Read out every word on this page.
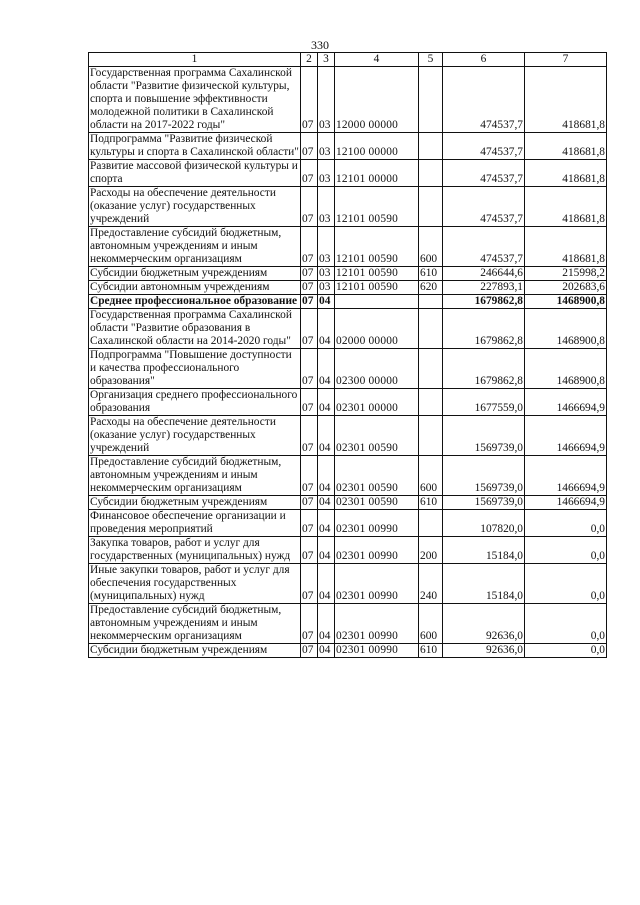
330
1	2	3	4	5	6	7
Государственная программа Сахалинской области "Развитие физической культуры, спорта и повышение эффективности молодежной политики в Сахалинской области на 2017-2022 годы"	07	03	12000 00000		474537,7	418681,8
Подпрограмма "Развитие физической культуры и спорта в Сахалинской области"	07	03	12100 00000		474537,7	418681,8
Развитие массовой физической культуры и спорта	07	03	12101 00000		474537,7	418681,8
Расходы на обеспечение деятельности (оказание услуг) государственных учреждений	07	03	12101 00590		474537,7	418681,8
Предоставление субсидий бюджетным, автономным учреждениям и иным некоммерческим организациям	07	03	12101 00590	600	474537,7	418681,8
Субсидии бюджетным учреждениям	07	03	12101 00590	610	246644,6	215998,2
Субсидии автономным учреждениям	07	03	12101 00590	620	227893,1	202683,6
Среднее профессиональное образование	07	04			1679862,8	1468900,8
Государственная программа Сахалинской области "Развитие образования в Сахалинской области на 2014-2020 годы"	07	04	02000 00000		1679862,8	1468900,8
Подпрограмма "Повышение доступности и качества профессионального образования"	07	04	02300 00000		1679862,8	1468900,8
Организация среднего профессионального образования	07	04	02301 00000		1677559,0	1466694,9
Расходы на обеспечение деятельности (оказание услуг) государственных учреждений	07	04	02301 00590		1569739,0	1466694,9
Предоставление субсидий бюджетным, автономным учреждениям и иным некоммерческим организациям	07	04	02301 00590	600	1569739,0	1466694,9
Субсидии бюджетным учреждениям	07	04	02301 00590	610	1569739,0	1466694,9
Финансовое обеспечение организации и проведения мероприятий	07	04	02301 00990		107820,0	0,0
Закупка товаров, работ и услуг для государственных (муниципальных) нужд	07	04	02301 00990	200	15184,0	0,0
Иные закупки товаров, работ и услуг для обеспечения государственных (муниципальных) нужд	07	04	02301 00990	240	15184,0	0,0
Предоставление субсидий бюджетным, автономным учреждениям и иным некоммерческим организациям	07	04	02301 00990	600	92636,0	0,0
Субсидии бюджетным учреждениям	07	04	02301 00990	610	92636,0	0,0
